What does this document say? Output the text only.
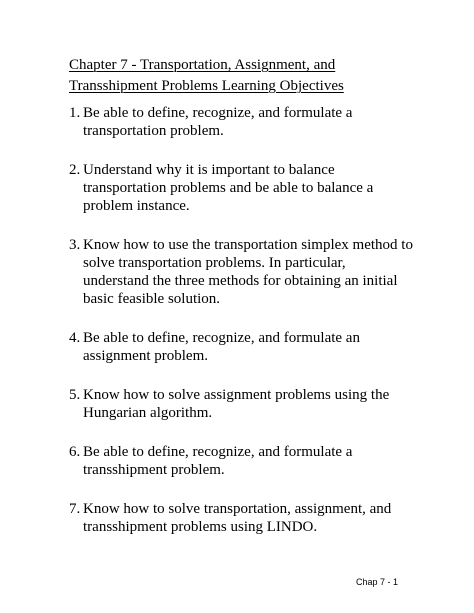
Chapter 7 - Transportation, Assignment, and
Transshipment Problems Learning Objectives
1. Be able to define, recognize, and formulate a transportation problem.
2. Understand why it is important to balance transportation problems and be able to balance a problem instance.
3. Know how to use the transportation simplex method to solve transportation problems. In particular, understand the three methods for obtaining an initial basic feasible solution.
4. Be able to define, recognize, and formulate an assignment problem.
5. Know how to solve assignment problems using the Hungarian algorithm.
6. Be able to define, recognize, and formulate a transshipment problem.
7. Know how to solve transportation, assignment, and transshipment problems using LINDO.
Chap 7 - 1
